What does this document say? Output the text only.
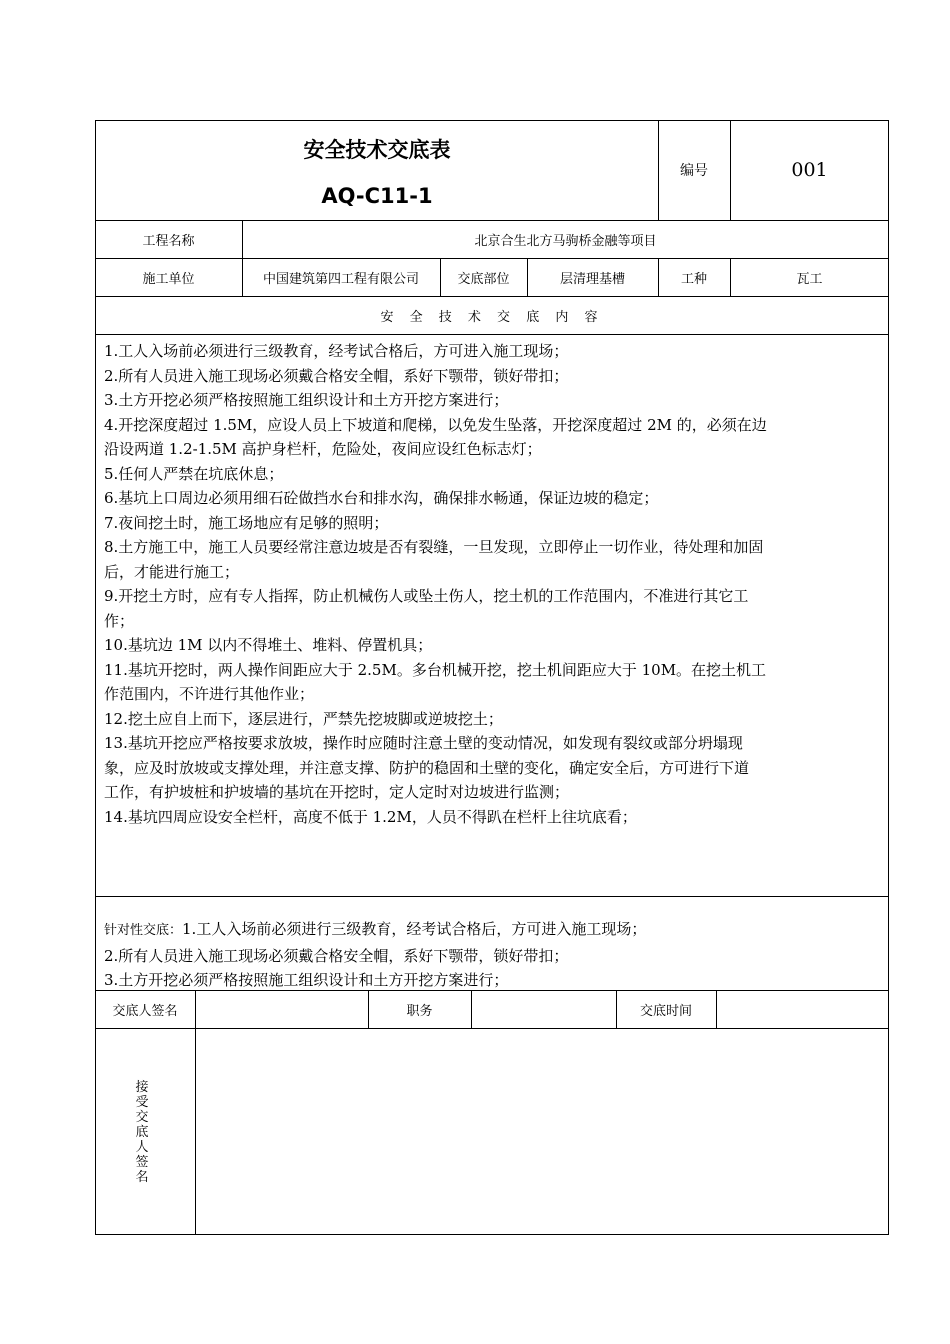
安全技术交底表
AQ-C11-1
编号	001
工程名称	北京合生北方马驹桥金融等项目
施工单位	中国建筑第四工程有限公司	交底部位	层清理基槽	工种	瓦工
安 全 技 术 交 底 内 容
1.工人入场前必须进行三级教育，经考试合格后，方可进入施工现场；
2.所有人员进入施工现场必须戴合格安全帽，系好下颚带，锁好带扣；
3.土方开挖必须严格按照施工组织设计和土方开挖方案进行；
4.开挖深度超过 1.5M，应设人员上下坡道和爬梯，以免发生坠落，开挖深度超过 2M 的，必须在边
沿设两道 1.2-1.5M 高护身栏杆，危险处，夜间应设红色标志灯；
5.任何人严禁在坑底休息；
6.基坑上口周边必须用细石砼做挡水台和排水沟，确保排水畅通，保证边坡的稳定；
7.夜间挖土时，施工场地应有足够的照明；
8.土方施工中，施工人员要经常注意边坡是否有裂缝，一旦发现，立即停止一切作业，待处理和加固
后，才能进行施工；
9.开挖土方时，应有专人指挥，防止机械伤人或坠土伤人，挖土机的工作范围内，不准进行其它工
作；
10.基坑边 1M 以内不得堆土、堆料、停置机具；
11.基坑开挖时，两人操作间距应大于 2.5M。多台机械开挖，挖土机间距应大于 10M。在挖土机工
作范围内，不许进行其他作业；
12.挖土应自上而下，逐层进行，严禁先挖坡脚或逆坡挖土；
13.基坑开挖应严格按要求放坡，操作时应随时注意土壁的变动情况，如发现有裂纹或部分坍塌现
象，应及时放坡或支撑处理，并注意支撑、防护的稳固和土壁的变化，确定安全后，方可进行下道
工作，有护坡桩和护坡墙的基坑在开挖时，定人定时对边坡进行监测；
14.基坑四周应设安全栏杆，高度不低于 1.2M，人员不得趴在栏杆上往坑底看；
针对性交底：1.工人入场前必须进行三级教育，经考试合格后，方可进入施工现场；
2.所有人员进入施工现场必须戴合格安全帽，系好下颚带，锁好带扣；
3.土方开挖必须严格按照施工组织设计和土方开挖方案进行；
交底人签名	职务	交底时间
接
受
交
底
人
签
名
